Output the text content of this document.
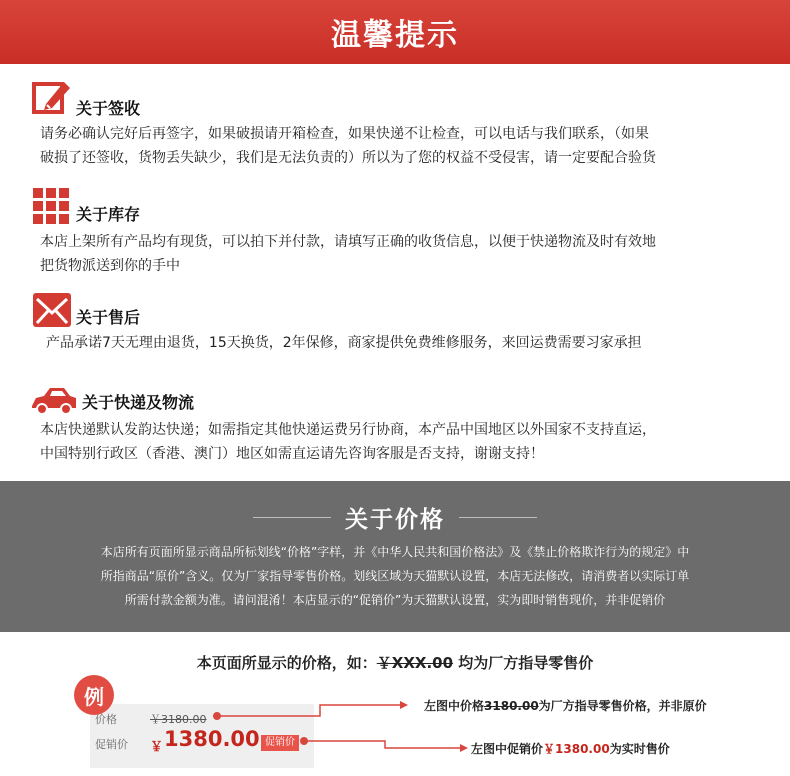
温馨提示
关于签收
请务必确认完好后再签字，如果破损请开箱检查，如果快递不让检查，可以电话与我们联系，（如果
破损了还签收，货物丢失缺少，我们是无法负责的）所以为了您的权益不受侵害，请一定要配合验货
关于库存
本店上架所有产品均有现货，可以拍下并付款，请填写正确的收货信息，以便于快递物流及时有效地
把货物派送到你的手中
关于售后
产品承诺7天无理由退货，15天换货，2年保修，商家提供免费维修服务，来回运费需要习家承担
关于快递及物流
本店快递默认发韵达快递；如需指定其他快递运费另行协商，本产品中国地区以外国家不支持直运，
中国特别行政区（香港、澳门）地区如需直运请先咨询客服是否支持，谢谢支持！
关于价格
本店所有页面所显示商品所标划线“价格”字样，并《中华人民共和国价格法》及《禁止价格欺诈行为的规定》中
所指商品“原价”含义。仅为厂家指导零售价格。划线区域为天猫默认设置，本店无法修改，请消费者以实际订单
所需付款金额为准。请问混淆！本店显示的“促销价”为天猫默认设置，实为即时销售现价，并非促销价
本页面所显示的价格，如：￥XXX.00 均为厂方指导零售价
价格	￥3180.00
促销价 ￥ 1380.00 促销价
例	左图中价格3180.00为厂方指导零售价格，并非原价
左图中促销价￥1380.00为实时售价
